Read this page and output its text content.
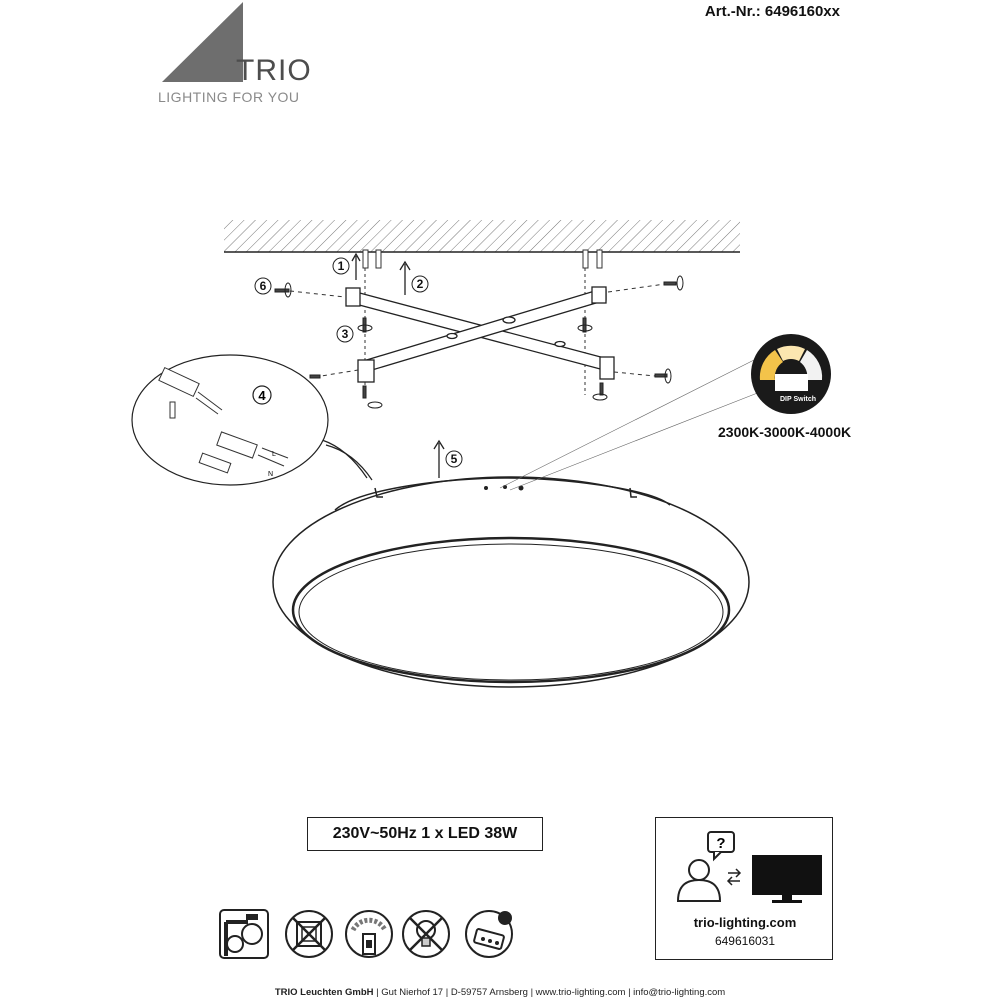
TRIO
LIGHTING FOR YOU
Art.-Nr.: 6496160xx
1
2
3
6
5
4
L
N
DIP Switch
2300K-3000K-4000K
230V~50Hz 1 x LED 38W
?
trio-lighting.com
649616031
TRIO Leuchten GmbH | Gut Nierhof 17 | D-59757 Arnsberg | www.trio-lighting.com | info@trio-lighting.com
